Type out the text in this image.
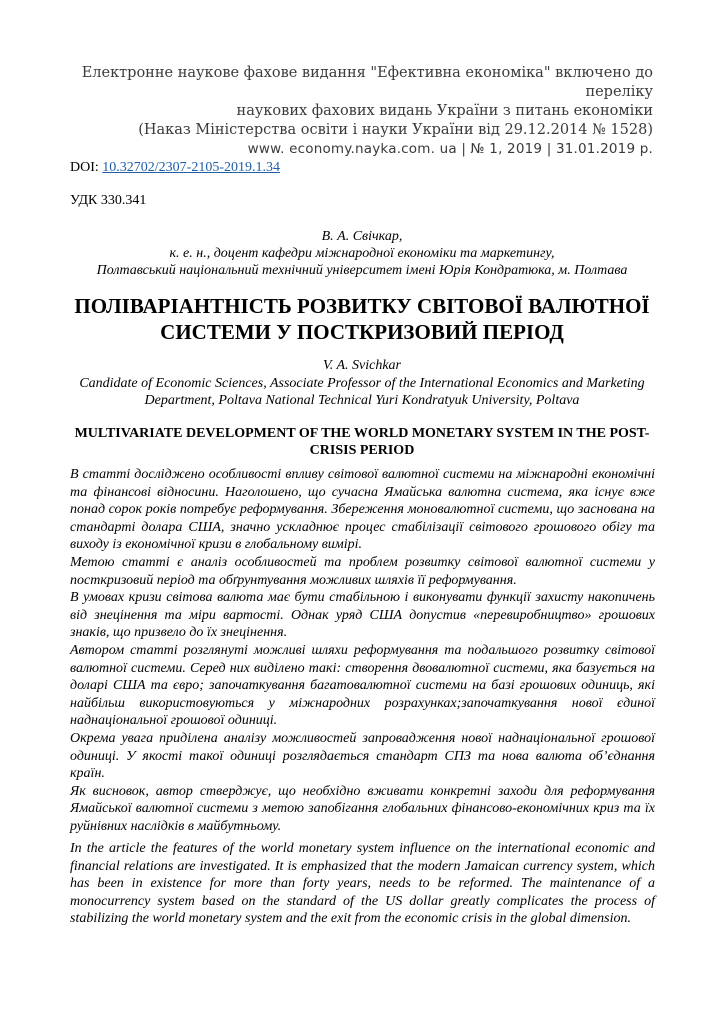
Електронне наукове фахове видання "Ефективна економіка" включено до переліку
наукових фахових видань України з питань економіки
(Наказ Міністерства освіти і науки України від 29.12.2014 № 1528)
www. economy.nayka.com. ua | № 1, 2019 | 31.01.2019 р.
DOI: 10.32702/2307-2105-2019.1.34
УДК 330.341
В. А. Свічкар,
к. е. н., доцент кафедри міжнародної економіки та маркетингу,
Полтавський національний технічний університет імені Юрія Кондратюка, м. Полтава
ПОЛІВАРІАНТНІСТЬ РОЗВИТКУ СВІТОВОЇ ВАЛЮТНОЇ СИСТЕМИ У ПОСТКРИЗОВИЙ ПЕРІОД
V. A. Svichkar
Candidate of Economic Sciences, Associate Professor of the International Economics and Marketing Department, Poltava National Technical Yuri Kondratyuk University, Poltava
MULTIVARIATE DEVELOPMENT OF THE WORLD MONETARY SYSTEM IN THE POST-CRISIS PERIOD

В статті досліджено особливості впливу світової валютної системи на міжнародні економічні та фінансові відносини. Наголошено, що сучасна Ямайська валютна система, яка існує вже понад сорок років потребує реформування. Збереження моновалютної системи, що заснована на стандарті долара США, значно ускладнює процес стабілізації світового грошового обігу та виходу із економічної кризи в глобальному вимірі.

Метою статті є аналіз особливостей та проблем розвитку світової валютної системи у посткризовий період та обґрунтування можливих шляхів її реформування.

В умовах кризи світова валюта має бути стабільною і виконувати функції захисту накопичень від знецінення та міри вартості. Однак уряд США допустив «перевиробництво» грошових знаків, що призвело до їх знецінення.

Автором статті розглянуті можливі шляхи реформування та подальшого розвитку світової валютної системи. Серед них виділено такі: створення двовалютної системи, яка базується на доларі США та євро; започаткування багатовалютної системи на базі грошових одиниць, які найбільш використовуються у міжнародних розрахунках;започаткування нової єдиної наднаціональної грошової одиниці.

Окрема увага приділена аналізу можливостей запровадження нової наднаціональної грошової одиниці. У якості такої одиниці розглядається стандарт СПЗ та нова валюта об’єднання країн.

Як висновок, автор стверджує, що необхідно вживати конкретні заходи для реформування Ямайської валютної системи з метою запобігання глобальних фінансово-економічних криз та їх руйнівних наслідків в майбутньому.

In the article the features of the world monetary system influence on the international economic and financial relations are investigated. It is emphasized that the modern Jamaican currency system, which has been in existence for more than forty years, needs to be reformed. The maintenance of a monocurrency system based on the standard of the US dollar greatly complicates the process of stabilizing the world monetary system and the exit from the economic crisis in the global dimension.
